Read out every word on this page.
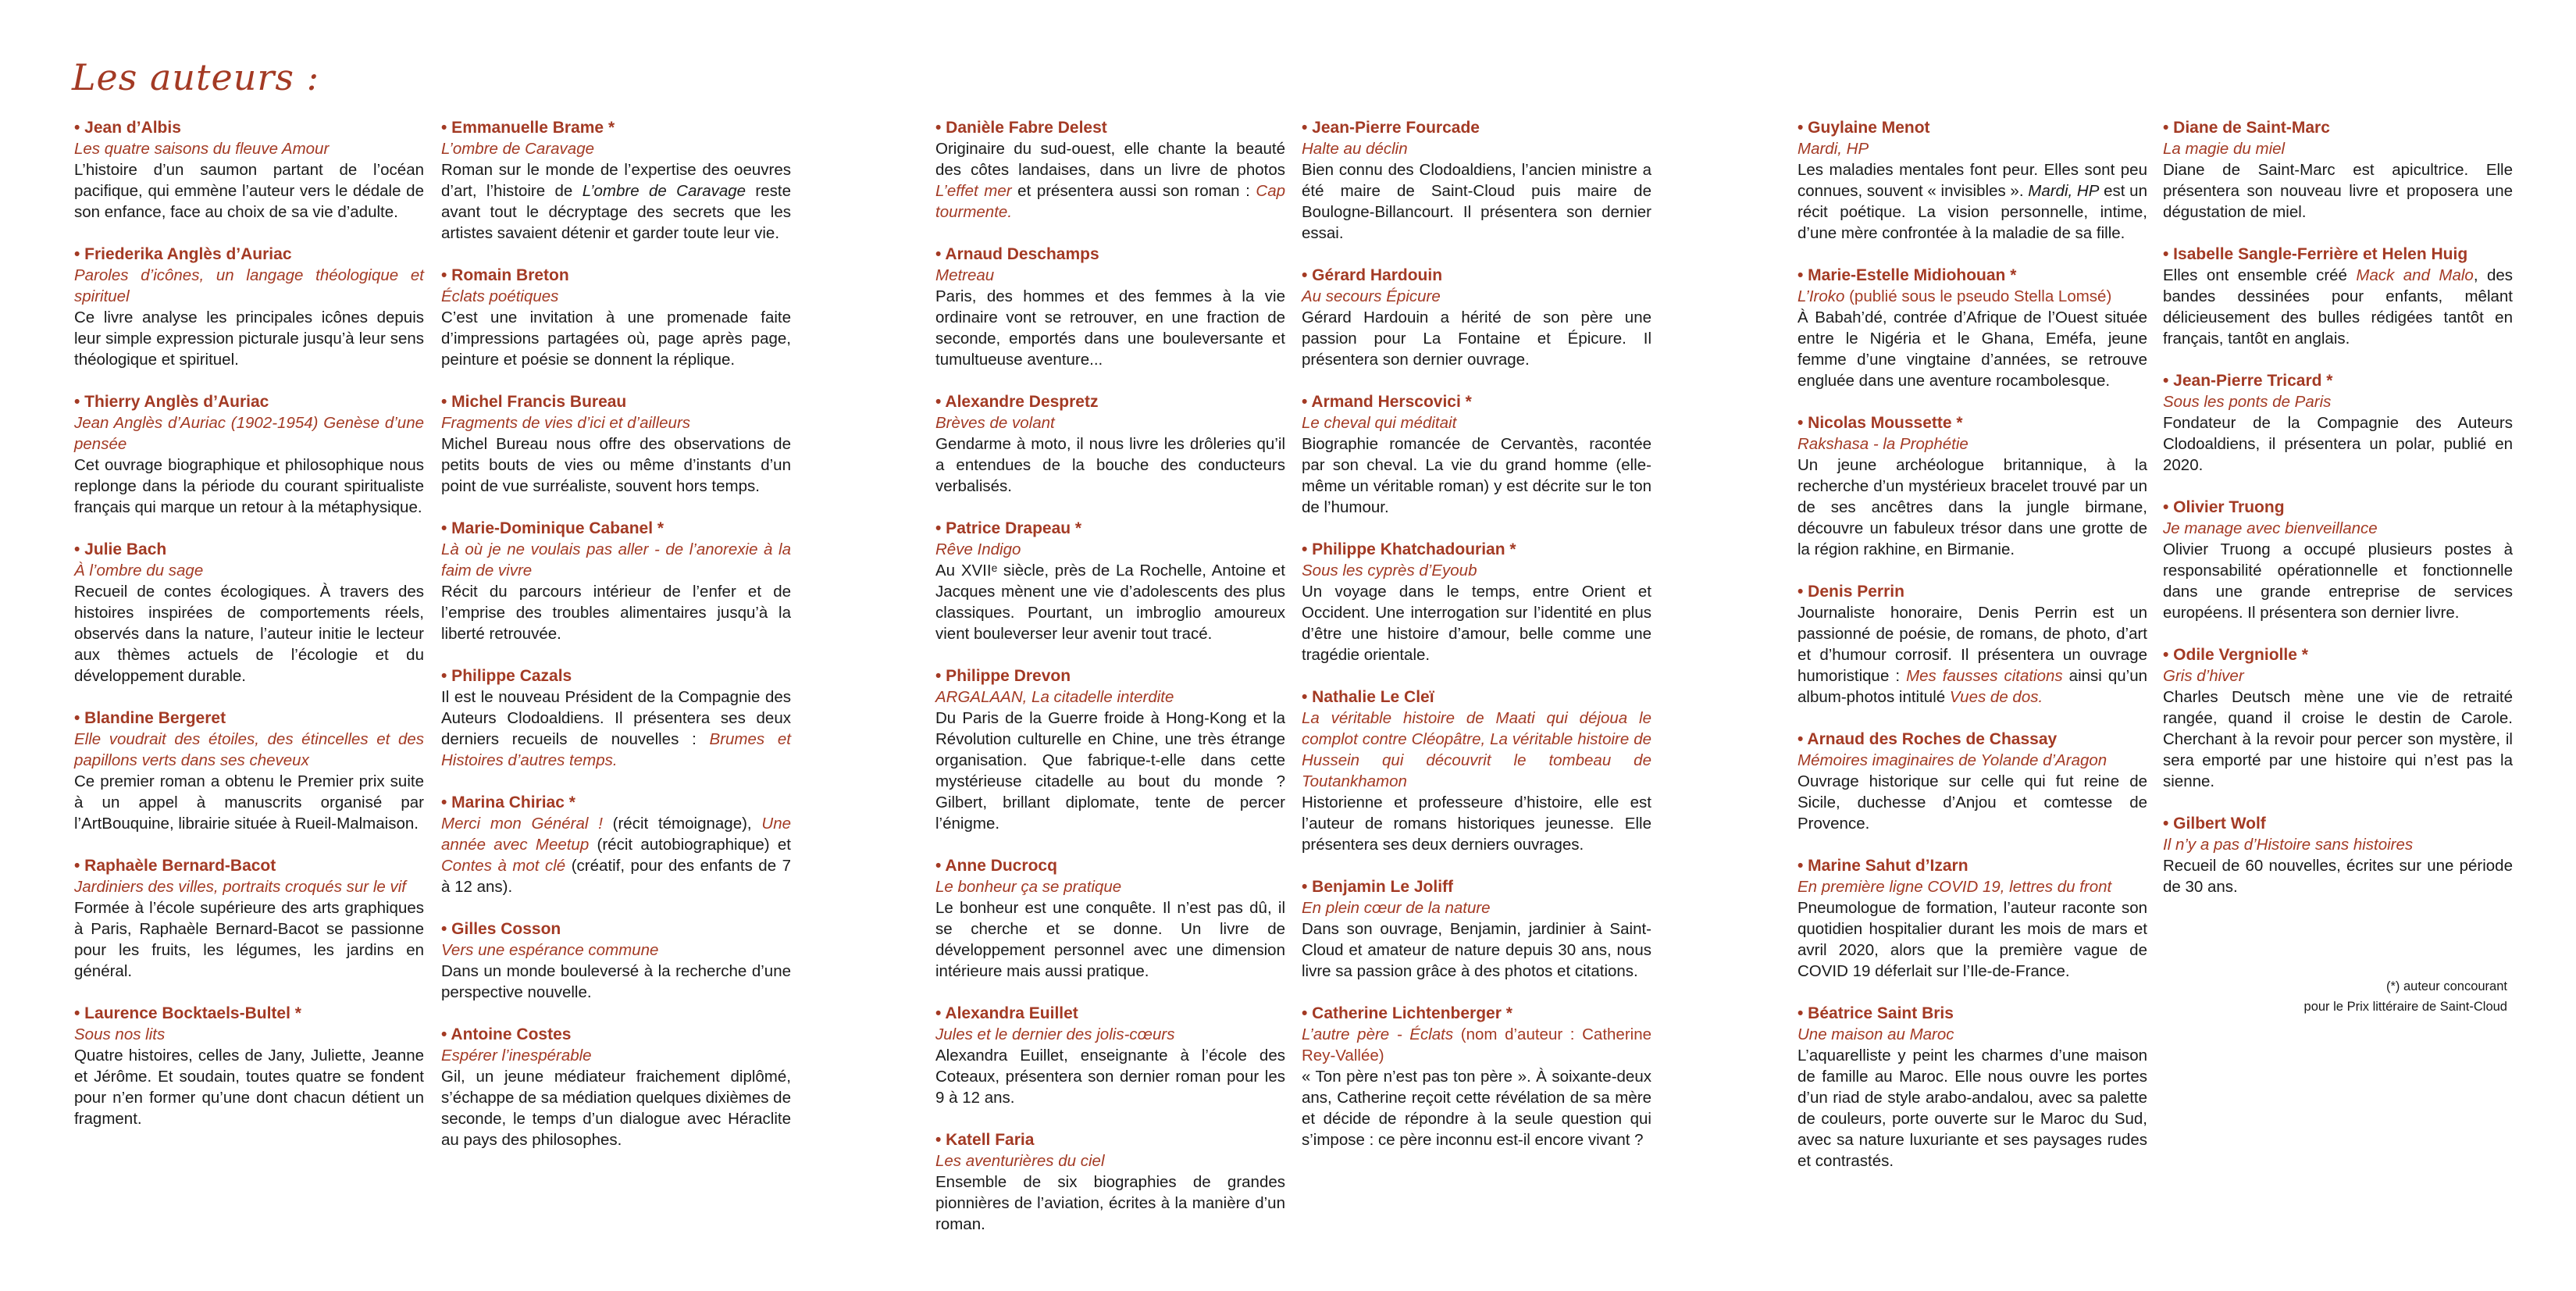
Les auteurs :
• Jean d’Albis
Les quatre saisons du fleuve Amour
L’histoire d’un saumon partant de l’océan pacifique, qui emmène l’auteur vers le dédale de son enfance, face au choix de sa vie d’adulte.
• Friederika Anglès d’Auriac
Paroles d’icônes, un langage théologique et spirituel
Ce livre analyse les principales icônes depuis leur simple expression picturale jusqu’à leur sens théologique et spirituel.
• Thierry Anglès d’Auriac
Jean Anglès d’Auriac (1902-1954) Genèse d’une pensée
Cet ouvrage biographique et philosophique nous replonge dans la période du courant spiritualiste français qui marque un retour à la métaphysique.
• Julie Bach
À l’ombre du sage
Recueil de contes écologiques. À travers des histoires inspirées de comportements réels, observés dans la nature, l’auteur initie le lecteur aux thèmes actuels de l’écologie et du développement durable.
• Blandine Bergeret
Elle voudrait des étoiles, des étincelles et des papillons verts dans ses cheveux
Ce premier roman a obtenu le Premier prix suite à un appel à manuscrits organisé par l’ArtBouquine, librairie située à Rueil-Malmaison.
• Raphaèle Bernard-Bacot
Jardiniers des villes, portraits croqués sur le vif
Formée à l’école supérieure des arts graphiques à Paris, Raphaèle Bernard-Bacot se passionne pour les fruits, les légumes, les jardins en général.
• Laurence Bocktaels-Bultel *
Sous nos lits
Quatre histoires, celles de Jany, Juliette, Jeanne et Jérôme. Et soudain, toutes quatre se fondent pour n’en former qu’une dont chacun détient un fragment.
• Emmanuelle Brame *
L’ombre de Caravage
Roman sur le monde de l’expertise des oeuvres d’art, l’histoire de L’ombre de Caravage reste avant tout le décryptage des secrets que les artistes savaient détenir et garder toute leur vie.
• Romain Breton
Éclats poétiques
C’est une invitation à une promenade faite d’impressions partagées où, page après page, peinture et poésie se donnent la réplique.
• Michel Francis Bureau
Fragments de vies d’ici et d’ailleurs
Michel Bureau nous offre des observations de petits bouts de vies ou même d’instants d’un point de vue surréaliste, souvent hors temps.
• Marie-Dominique Cabanel *
Là où je ne voulais pas aller - de l’anorexie à la faim de vivre
Récit du parcours intérieur de l’enfer et de l’emprise des troubles alimentaires jusqu’à la liberté retrouvée.
• Philippe Cazals
Il est le nouveau Président de la Compagnie des Auteurs Clodoaldiens. Il présentera ses deux derniers recueils de nouvelles : Brumes et Histoires d’autres temps.
• Marina Chiriac *
Merci mon Général ! (récit témoignage), Une année avec Meetup (récit autobiographique) et Contes à mot clé (créatif, pour des enfants de 7 à 12 ans).
• Gilles Cosson
Vers une espérance commune
Dans un monde bouleversé à la recherche d’une perspective nouvelle.
• Antoine Costes
Espérer l’inespérable
Gil, un jeune médiateur fraichement diplômé, s’échappe de sa médiation quelques dixièmes de seconde, le temps d’un dialogue avec Héraclite au pays des philosophes.
• Danièle Fabre Delest
Originaire du sud-ouest, elle chante la beauté des côtes landaises, dans un livre de photos L’effet mer et présentera aussi son roman : Cap tourmente.
• Arnaud Deschamps
Metreau
Paris, des hommes et des femmes à la vie ordinaire vont se retrouver, en une fraction de seconde, emportés dans une bouleversante et tumultueuse aventure...
• Alexandre Despretz
Brèves de volant
Gendarme à moto, il nous livre les drôleries qu’il a entendues de la bouche des conducteurs verbalisés.
• Patrice Drapeau *
Rêve Indigo
Au XVIIᵉ siècle, près de La Rochelle, Antoine et Jacques mènent une vie d’adolescents des plus classiques. Pourtant, un imbroglio amoureux vient bouleverser leur avenir tout tracé.
• Philippe Drevon
ARGALAAN, La citadelle interdite
Du Paris de la Guerre froide à Hong-Kong et la Révolution culturelle en Chine, une très étrange organisation. Que fabrique-t-elle dans cette mystérieuse citadelle au bout du monde ? Gilbert, brillant diplomate, tente de percer l’énigme.
• Anne Ducrocq
Le bonheur ça se pratique
Le bonheur est une conquête. Il n’est pas dû, il se cherche et se donne. Un livre de développement personnel avec une dimension intérieure mais aussi pratique.
• Alexandra Euillet
Jules et le dernier des jolis-cœurs
Alexandra Euillet, enseignante à l’école des Coteaux, présentera son dernier roman pour les 9 à 12 ans.
• Katell Faria
Les aventurières du ciel
Ensemble de six biographies de grandes pionnières de l’aviation, écrites à la manière d’un roman.
• Jean-Pierre Fourcade
Halte au déclin
Bien connu des Clodoaldiens, l’ancien ministre a été maire de Saint-Cloud puis maire de Boulogne-Billancourt. Il présentera son dernier essai.
• Gérard Hardouin
Au secours Épicure
Gérard Hardouin a hérité de son père une passion pour La Fontaine et Épicure. Il présentera son dernier ouvrage.
• Armand Herscovici *
Le cheval qui méditait
Biographie romancée de Cervantès, racontée par son cheval. La vie du grand homme (elle-même un véritable roman) y est décrite sur le ton de l’humour.
• Philippe Khatchadourian *
Sous les cyprès d’Eyoub
Un voyage dans le temps, entre Orient et Occident. Une interrogation sur l’identité en plus d’être une histoire d’amour, belle comme une tragédie orientale.
• Nathalie Le Cleï
La véritable histoire de Maati qui déjoua le complot contre Cléopâtre, La véritable histoire de Hussein qui découvrit le tombeau de Toutankhamon
Historienne et professeure d’histoire, elle est l’auteur de romans historiques jeunesse. Elle présentera ses deux derniers ouvrages.
• Benjamin Le Joliff
En plein cœur de la nature
Dans son ouvrage, Benjamin, jardinier à Saint-Cloud et amateur de nature depuis 30 ans, nous livre sa passion grâce à des photos et citations.
• Catherine Lichtenberger *
L’autre père - Éclats (nom d’auteur : Catherine Rey-Vallée)
« Ton père n’est pas ton père ». À soixante-deux ans, Catherine reçoit cette révélation de sa mère et décide de répondre à la seule question qui s’impose : ce père inconnu est-il encore vivant ?
• Guylaine Menot
Mardi, HP
Les maladies mentales font peur. Elles sont peu connues, souvent « invisibles ». Mardi, HP est un récit poétique. La vision personnelle, intime, d’une mère confrontée à la maladie de sa fille.
• Marie-Estelle Midiohouan *
L’Iroko (publié sous le pseudo Stella Lomsé)
À Babah’dé, contrée d’Afrique de l’Ouest située entre le Nigéria et le Ghana, Eméfa, jeune femme d’une vingtaine d’années, se retrouve engluée dans une aventure rocambolesque.
• Nicolas Moussette *
Rakshasa - la Prophétie
Un jeune archéologue britannique, à la recherche d’un mystérieux bracelet trouvé par un de ses ancêtres dans la jungle birmane, découvre un fabuleux trésor dans une grotte de la région rakhine, en Birmanie.
• Denis Perrin
Journaliste honoraire, Denis Perrin est un passionné de poésie, de romans, de photo, d’art et d’humour corrosif. Il présentera un ouvrage humoristique : Mes fausses citations ainsi qu’un album-photos intitulé Vues de dos.
• Arnaud des Roches de Chassay
Mémoires imaginaires de Yolande d’Aragon
Ouvrage historique sur celle qui fut reine de Sicile, duchesse d’Anjou et comtesse de Provence.
• Marine Sahut d’Izarn
En première ligne COVID 19, lettres du front
Pneumologue de formation, l’auteur raconte son quotidien hospitalier durant les mois de mars et avril 2020, alors que la première vague de COVID 19 déferlait sur l’Ile-de-France.
• Béatrice Saint Bris
Une maison au Maroc
L’aquarelliste y peint les charmes d’une maison de famille au Maroc. Elle nous ouvre les portes d’un riad de style arabo-andalou, avec sa palette de couleurs, porte ouverte sur le Maroc du Sud, avec sa nature luxuriante et ses paysages rudes et contrastés.
• Diane de Saint-Marc
La magie du miel
Diane de Saint-Marc est apicultrice. Elle présentera son nouveau livre et proposera une dégustation de miel.
• Isabelle Sangle-Ferrière et Helen Huig
Elles ont ensemble créé Mack and Malo, des bandes dessinées pour enfants, mêlant délicieusement des bulles rédigées tantôt en français, tantôt en anglais.
• Jean-Pierre Tricard *
Sous les ponts de Paris
Fondateur de la Compagnie des Auteurs Clodoaldiens, il présentera un polar, publié en 2020.
• Olivier Truong
Je manage avec bienveillance
Olivier Truong a occupé plusieurs postes à responsabilité opérationnelle et fonctionnelle dans une grande entreprise de services européens. Il présentera son dernier livre.
• Odile Vergniolle *
Gris d’hiver
Charles Deutsch mène une vie de retraité rangée, quand il croise le destin de Carole. Cherchant à la revoir pour percer son mystère, il sera emporté par une histoire qui n’est pas la sienne.
• Gilbert Wolf
Il n’y a pas d’Histoire sans histoires
Recueil de 60 nouvelles, écrites sur une période de 30 ans.
(*) auteur concourant
pour le Prix littéraire de Saint-Cloud
